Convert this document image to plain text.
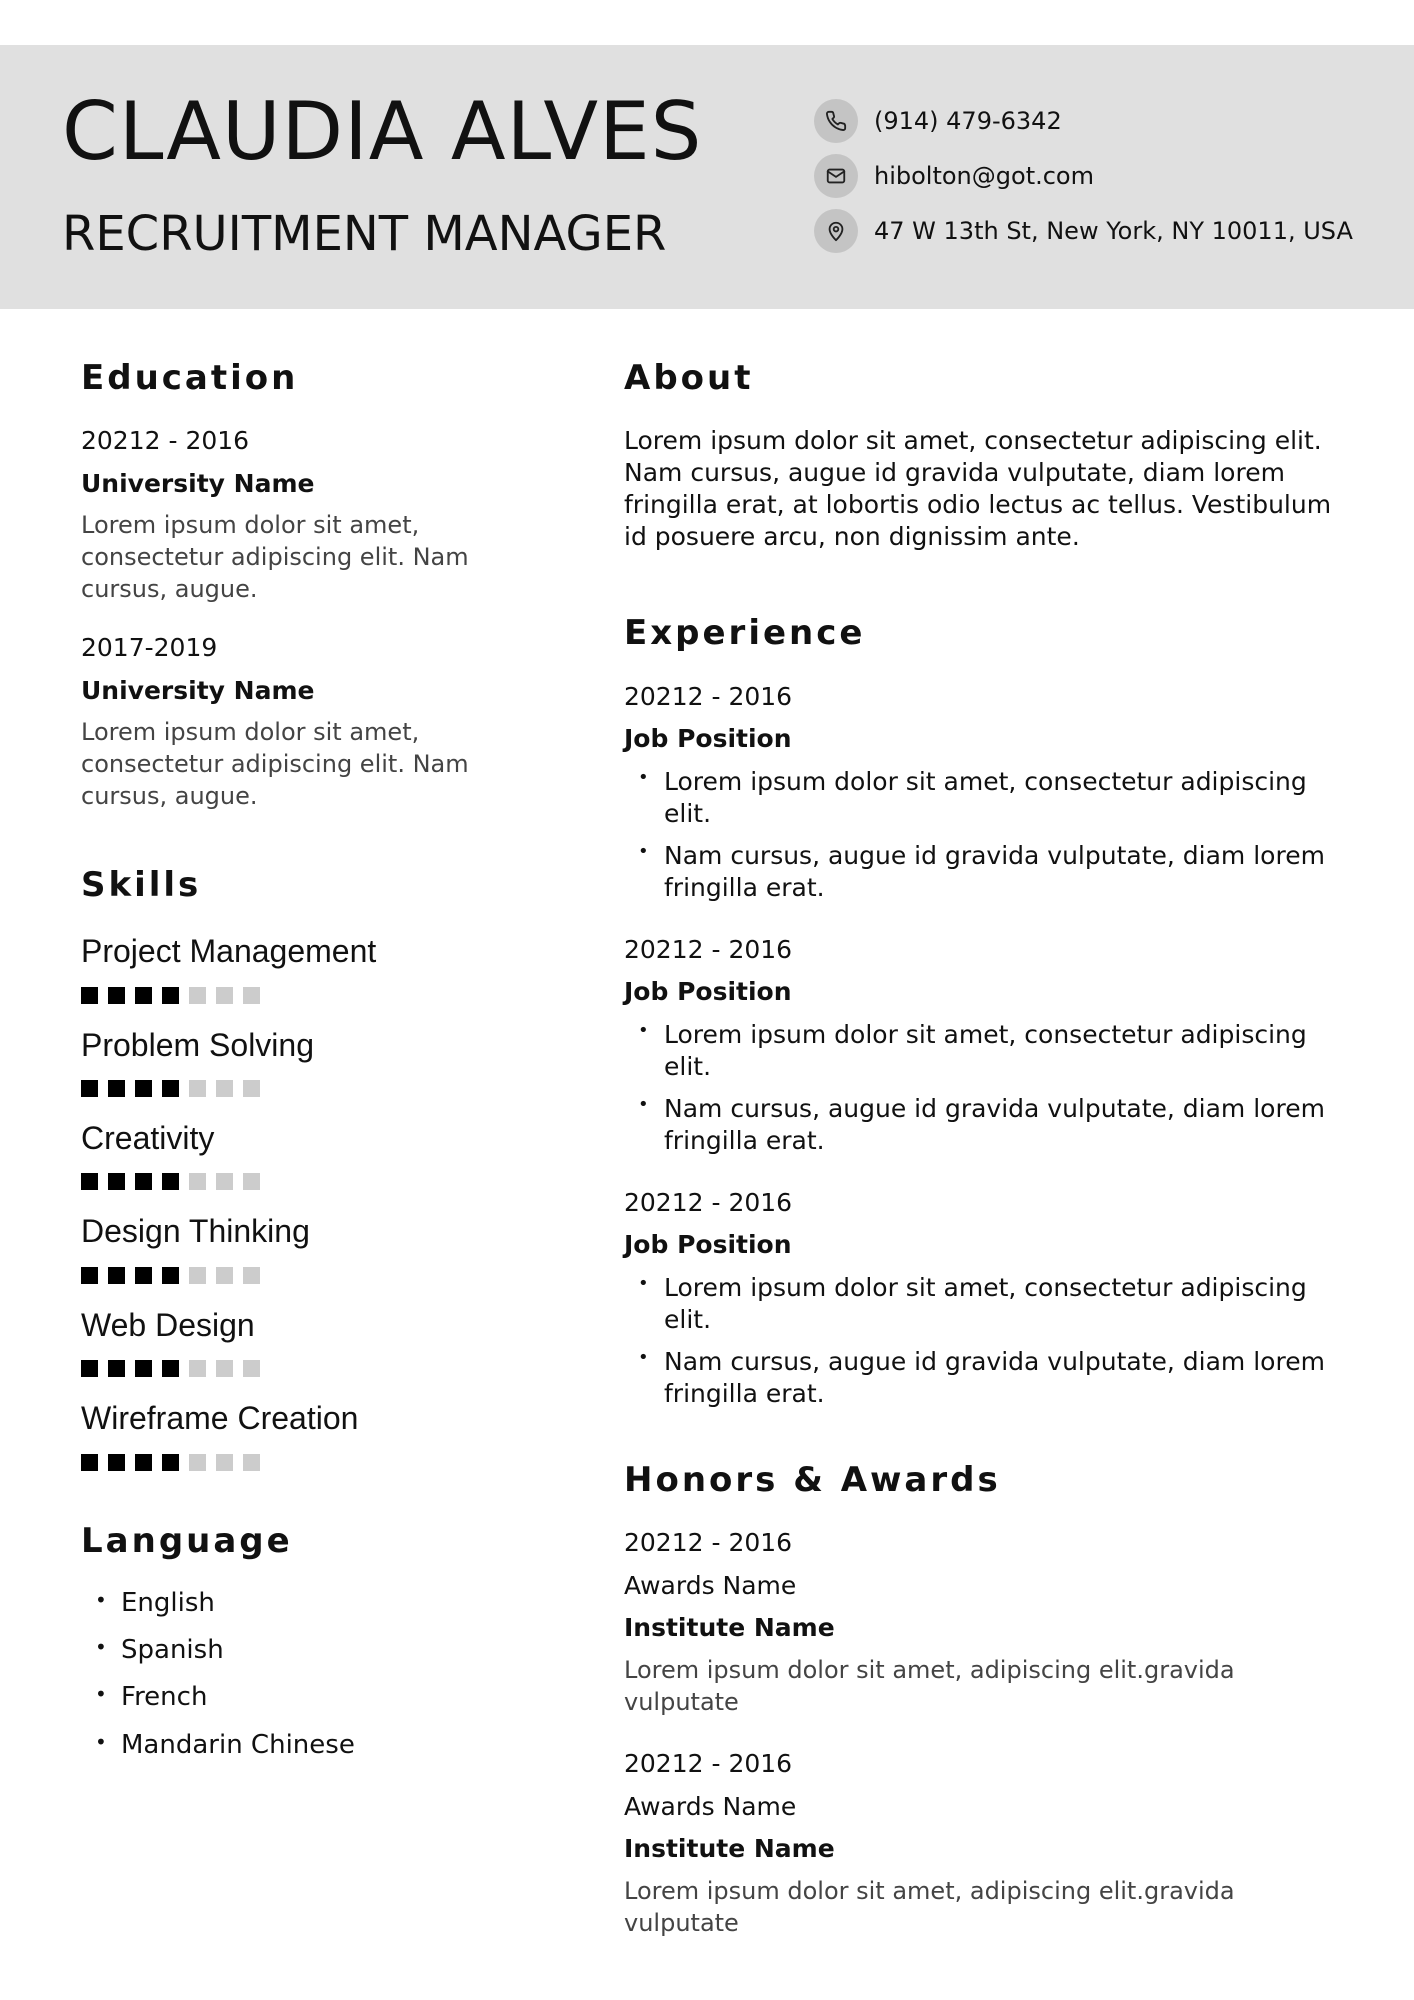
CLAUDIA ALVES
RECRUITMENT MANAGER
(914) 479-6342
hibolton@got.com
47 W 13th St, New York, NY 10011, USA
Education
20212 - 2016
University Name
Lorem ipsum dolor sit amet, consectetur adipiscing elit. Nam cursus, augue.
2017-2019
University Name
Lorem ipsum dolor sit amet, consectetur adipiscing elit. Nam cursus, augue.
Skills
Project Management
Problem Solving
Creativity
Design Thinking
Web Design
Wireframe Creation
Language
• English
• Spanish
• French
• Mandarin Chinese
About
Lorem ipsum dolor sit amet, consectetur adipiscing elit. Nam cursus, augue id gravida vulputate, diam lorem fringilla erat, at lobortis odio lectus ac tellus. Vestibulum id posuere arcu, non dignissim ante.
Experience
20212 - 2016
Job Position
• Lorem ipsum dolor sit amet, consectetur adipiscing elit.
• Nam cursus, augue id gravida vulputate, diam lorem fringilla erat.
20212 - 2016
Job Position
• Lorem ipsum dolor sit amet, consectetur adipiscing elit.
• Nam cursus, augue id gravida vulputate, diam lorem fringilla erat.
20212 - 2016
Job Position
• Lorem ipsum dolor sit amet, consectetur adipiscing elit.
• Nam cursus, augue id gravida vulputate, diam lorem fringilla erat.
Honors & Awards
20212 - 2016
Awards Name
Institute Name
Lorem ipsum dolor sit amet, adipiscing elit.gravida vulputate
20212 - 2016
Awards Name
Institute Name
Lorem ipsum dolor sit amet, adipiscing elit.gravida vulputate
